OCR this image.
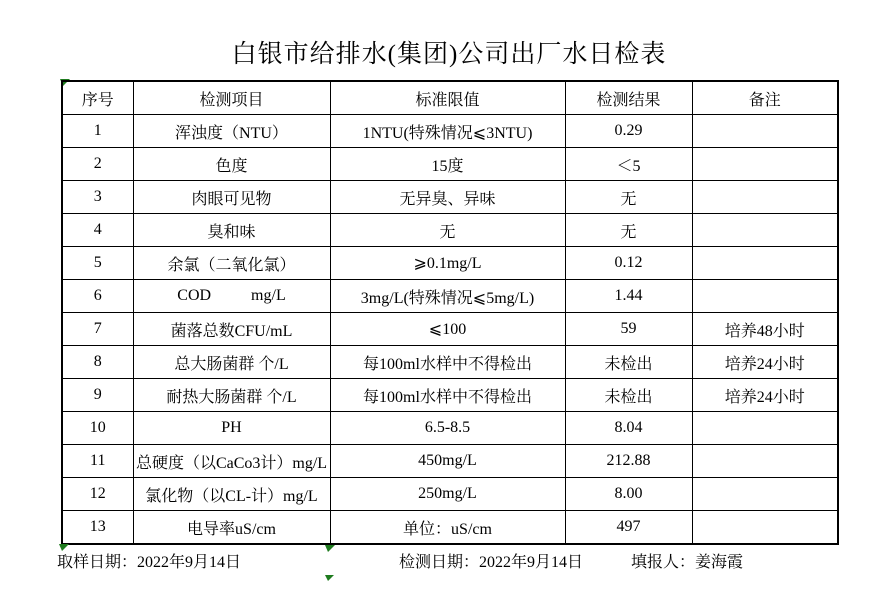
白银市给排水(集团)公司出厂水日检表
序号	检测项目	标准限值	检测结果	备注
1	浑浊度（NTU）	1NTU(特殊情况⩽3NTU)	0.29	
2	色度	15度	＜5	
3	肉眼可见物	无异臭、异味	无	
4	臭和味	无	无	
5	余氯（二氧化氯）	⩾0.1mg/L	0.12	
6	COD          mg/L	3mg/L(特殊情况⩽5mg/L)	1.44	
7	菌落总数CFU/mL	⩽100	59	培养48小时
8	总大肠菌群 个/L	每100ml水样中不得检出	未检出	培养24小时
9	耐热大肠菌群 个/L	每100ml水样中不得检出	未检出	培养24小时
10	PH	6.5-8.5	8.04	
11	总硬度（以CaCo3计）mg/L	450mg/L	212.88	
12	氯化物（以CL-计）mg/L	250mg/L	8.00	
13	电导率uS/cm	单位：uS/cm	497	
取样日期：2022年9月14日	检测日期：2022年9月14日	填报人：姜海霞
